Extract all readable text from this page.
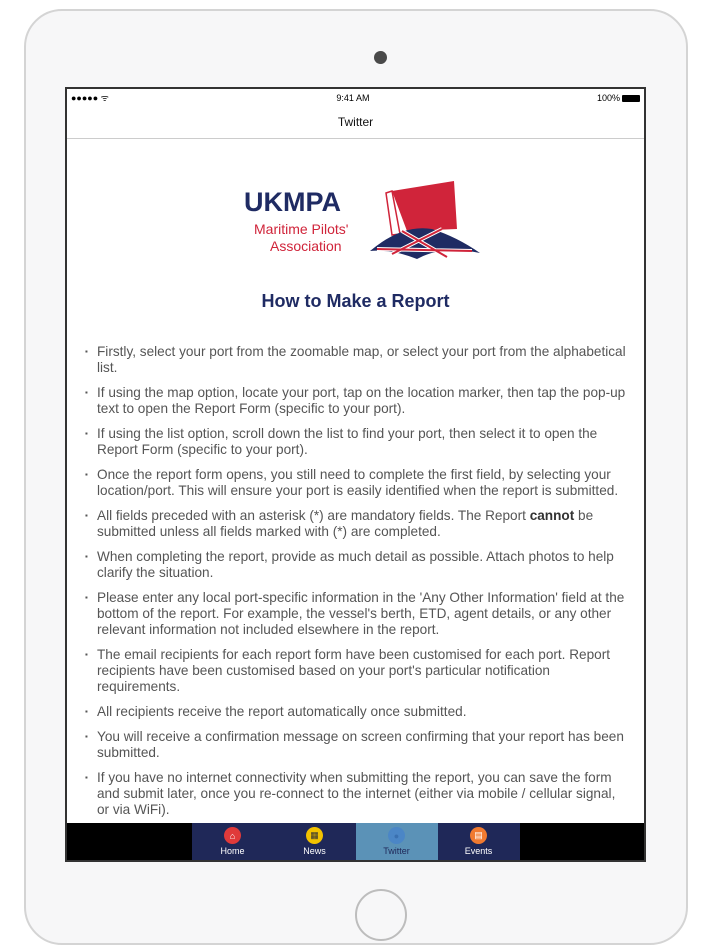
●●●●● ᯤ	9:41 AM	100%
Twitter
UKMPA
Maritime Pilots'
Association
How to Make a Report
▪ Firstly, select your port from the zoomable map, or select your port from the alphabetical list.
▪ If using the map option, locate your port, tap on the location marker, then tap the pop-up text to open the Report Form (specific to your port).
▪ If using the list option, scroll down the list to find your port, then select it to open the Report Form (specific to your port).
▪ Once the report form opens, you still need to complete the first field, by selecting your location/port. This will ensure your port is easily identified when the report is submitted.
▪ All fields preceded with an asterisk (*) are mandatory fields. The Report cannot be submitted unless all fields marked with (*) are completed.
▪ When completing the report, provide as much detail as possible. Attach photos to help clarify the situation.
▪ Please enter any local port-specific information in the 'Any Other Information' field at the bottom of the report. For example, the vessel's berth, ETD, agent details, or any other relevant information not included elsewhere in the report.
▪ The email recipients for each report form have been customised for each port. Report recipients have been customised based on your port's particular notification requirements.
▪ All recipients receive the report automatically once submitted.
▪ You will receive a confirmation message on screen confirming that your report has been submitted.
▪ If you have no internet connectivity when submitting the report, you can save the form and submit later, once you re-connect to the internet (either via mobile / cellular signal, or via WiFi).
⌂
Home
▦
News
●
Twitter
▤
Events
